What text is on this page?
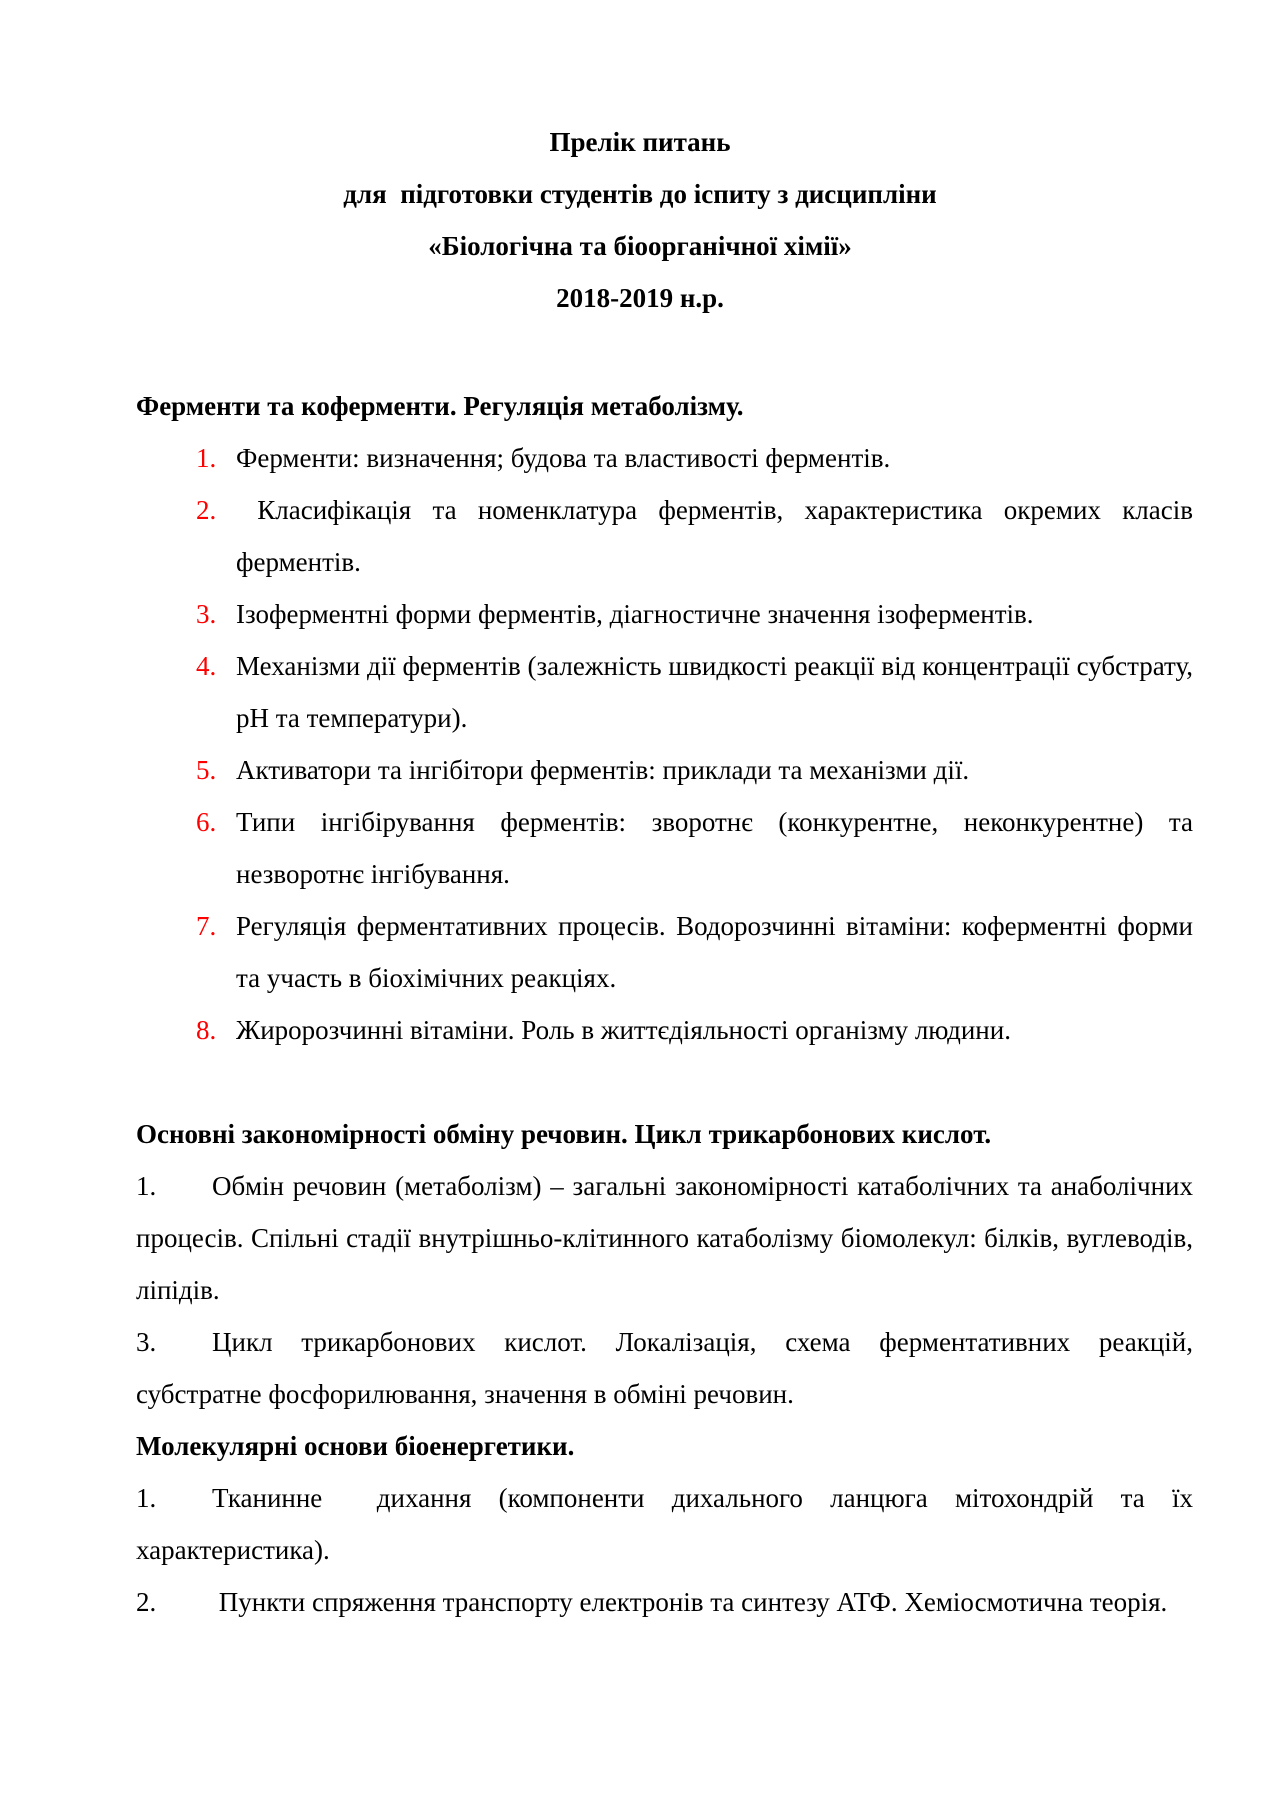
Прелік питань
для  підготовки студентів до іспиту з дисципліни
«Біологічна та біоорганічної хімії»
2018-2019 н.р.
Ферменти та коферменти. Регуляція метаболізму.
1. Ферменти: визначення; будова та властивості ферментів.
2. Класифікація та номенклатура ферментів, характеристика окремих класів  ферментів.
3. Ізоферментні форми ферментів, діагностичне значення ізоферментів.
4. Механізми дії ферментів (залежність швидкості реакції від концентрації субстрату, рН та температури).
5. Активатори та інгібітори ферментів: приклади та механізми дії.
6. Типи інгібірування ферментів: зворотнє (конкурентне, неконкурентне) та незворотнє інгібування.
7. Регуляція ферментативних процесів. Водорозчинні вітаміни: коферментні форми та участь в біохімічних реакціях.
8. Жиророзчинні вітаміни. Роль в життєдіяльності організму людини.
Основні закономірності обміну речовин. Цикл трикарбонових кислот.
1. Обмін речовин (метаболізм) – загальні закономірності катаболічних та анаболічних процесів. Спільні стадії внутрішньо-клітинного катаболізму біомолекул: білків, вуглеводів, ліпідів.
3. Цикл трикарбонових кислот. Локалізація, схема ферментативних реакцій, субстратне фосфорилювання, значення в обміні речовин.
Молекулярні основи біоенергетики.
1. Тканинне  дихання (компоненти дихального ланцюга мітохондрій та їх характеристика).
2. Пункти спряження транспорту електронів та синтезу АТФ. Хеміосмотична теорія.
